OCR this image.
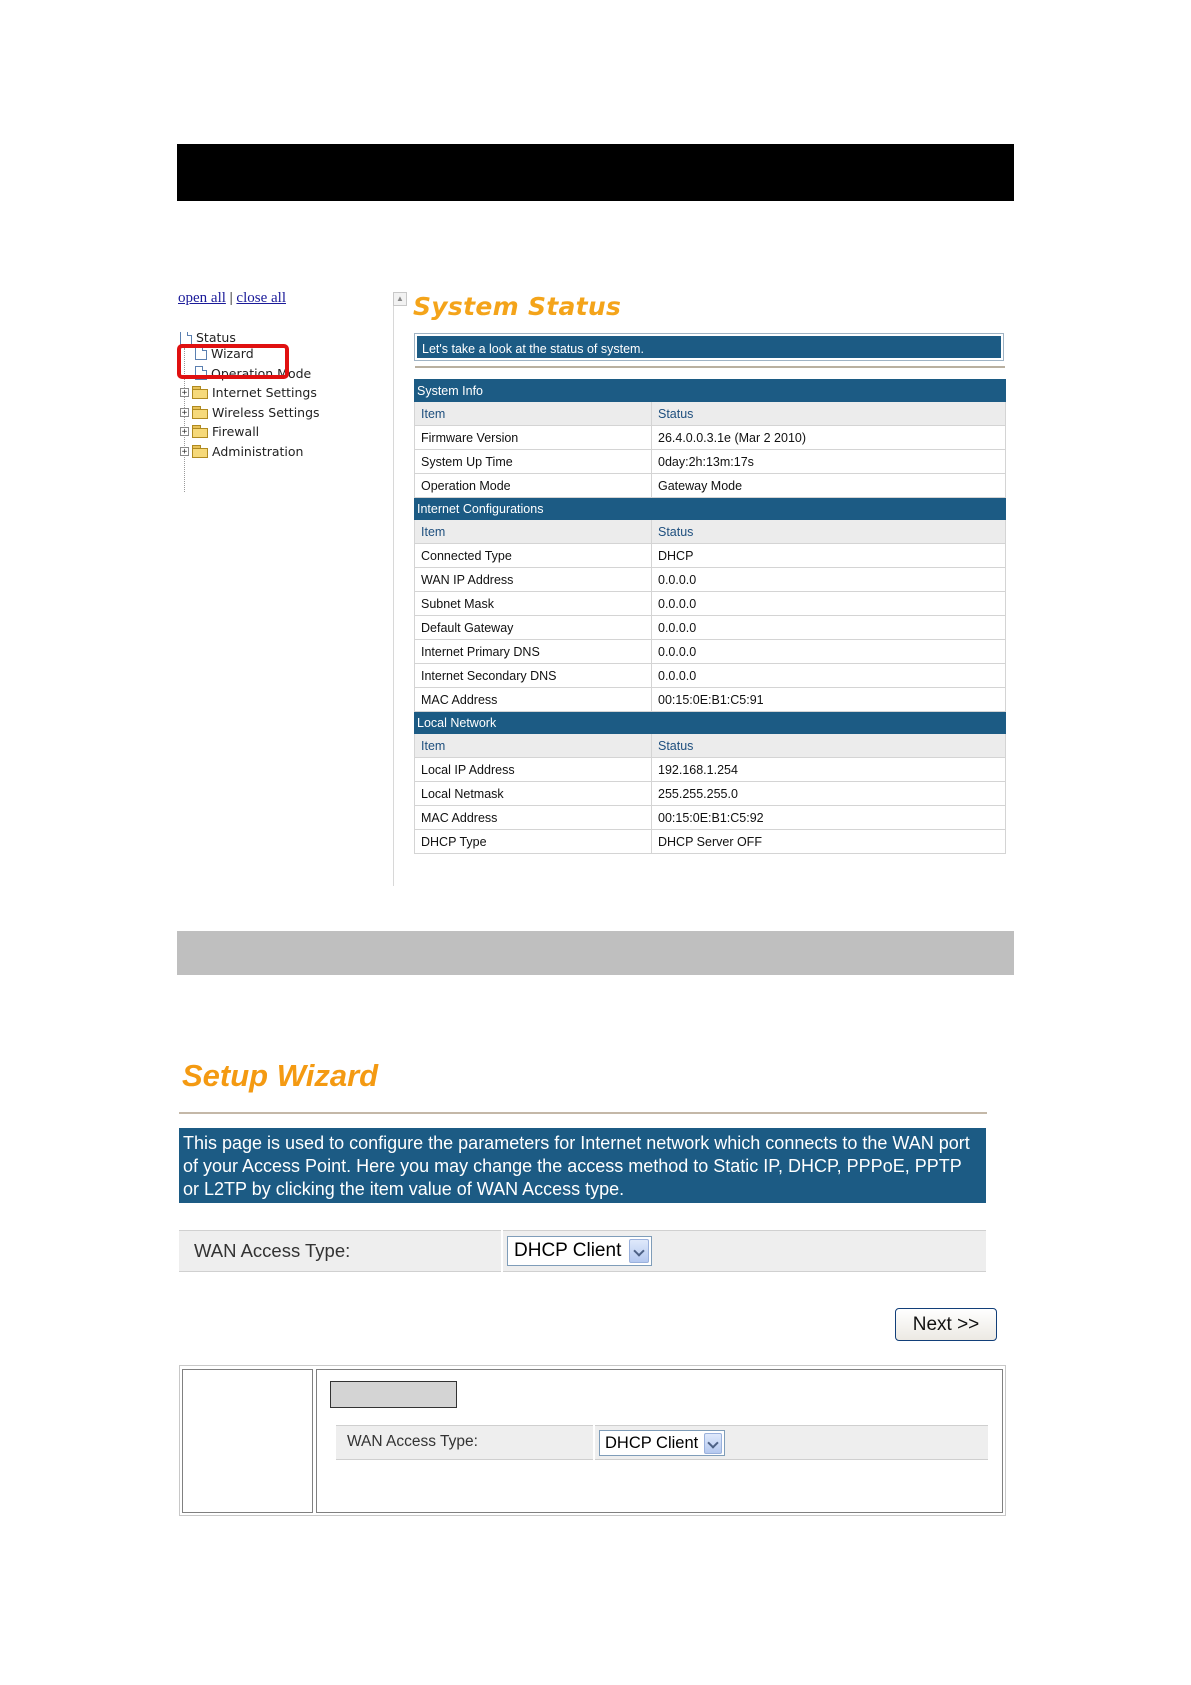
open all | close all
Status
Wizard
Operation Mode
+ Internet Settings
+ Wireless Settings
+ Firewall
+ Administration
▲ System Status
Let's take a look at the status of system.
System Info	
Item	Status
Firmware Version	26.4.0.0.3.1e (Mar 2 2010)
System Up Time	0day:2h:13m:17s
Operation Mode	Gateway Mode
Internet Configurations	
Item	Status
Connected Type	DHCP
WAN IP Address	0.0.0.0
Subnet Mask	0.0.0.0
Default Gateway	0.0.0.0
Internet Primary DNS	0.0.0.0
Internet Secondary DNS	0.0.0.0
MAC Address	00:15:0E:B1:C5:91
Local Network	
Item	Status
Local IP Address	192.168.1.254
Local Netmask	255.255.255.0
MAC Address	00:15:0E:B1:C5:92
DHCP Type	DHCP Server OFF
Setup Wizard
This page is used to configure the parameters for Internet network which connects to the WAN port of your Access Point. Here you may change the access method to Static IP, DHCP, PPPoE, PPTP or L2TP by clicking the item value of WAN Access type.
WAN Access Type:	DHCP Client
Next >>
WAN Access Type:	DHCP Client
